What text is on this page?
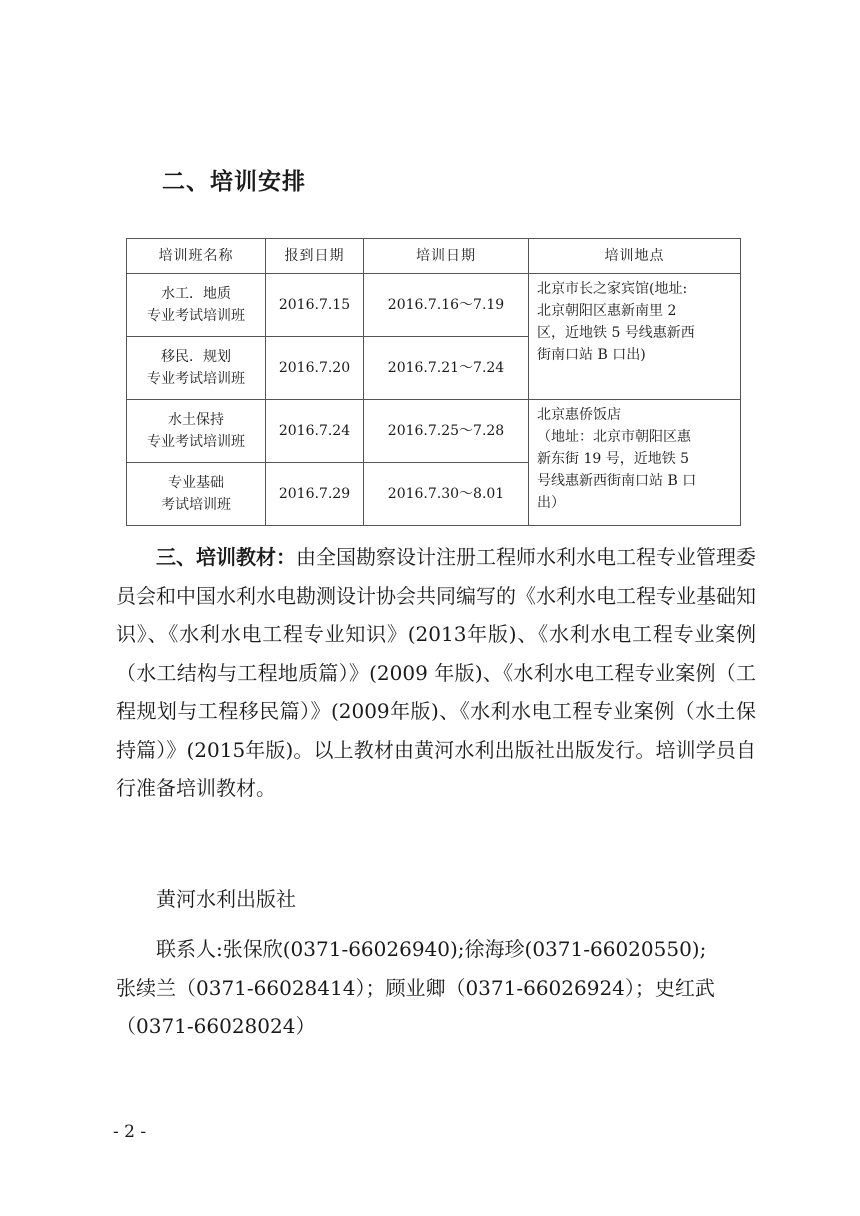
二、培训安排
培训班名称	报到日期	培训日期	培训地点

水工．地质
专业考试培训班	2016.7.15	2016.7.16～7.19	北京市长之家宾馆(地址:
北京朝阳区惠新南里 2
区，近地铁 5 号线惠新西
街南口站 B 口出)

移民．规划
专业考试培训班	2016.7.20	2016.7.21～7.24	

水土保持
专业考试培训班	2016.7.24	2016.7.25～7.28	北京惠侨饭店
（地址：北京市朝阳区惠
新东街 19 号，近地铁 5
号线惠新西街南口站 B 口
出）

专业基础
考试培训班	2016.7.29	2016.7.30～8.01	

三、培训教材：由全国勘察设计注册工程师水利水电工程专业管理委员会和中国水利水电勘测设计协会共同编写的《水利水电工程专业基础知识》、《水利水电工程专业知识》(2013年版)、《水利水电工程专业案例（水工结构与工程地质篇）》(2009 年版)、《水利水电工程专业案例（工程规划与工程移民篇）》(2009年版)、《水利水电工程专业案例（水土保持篇）》(2015年版)。以上教材由黄河水利出版社出版发行。培训学员自行准备培训教材。

黄河水利出版社

联系人:张保欣(0371-66026940);徐海珍(0371-66020550);
张续兰（0371-66028414）；顾业卿（0371-66026924）；史红武
（0371-66028024）

- 2 -
